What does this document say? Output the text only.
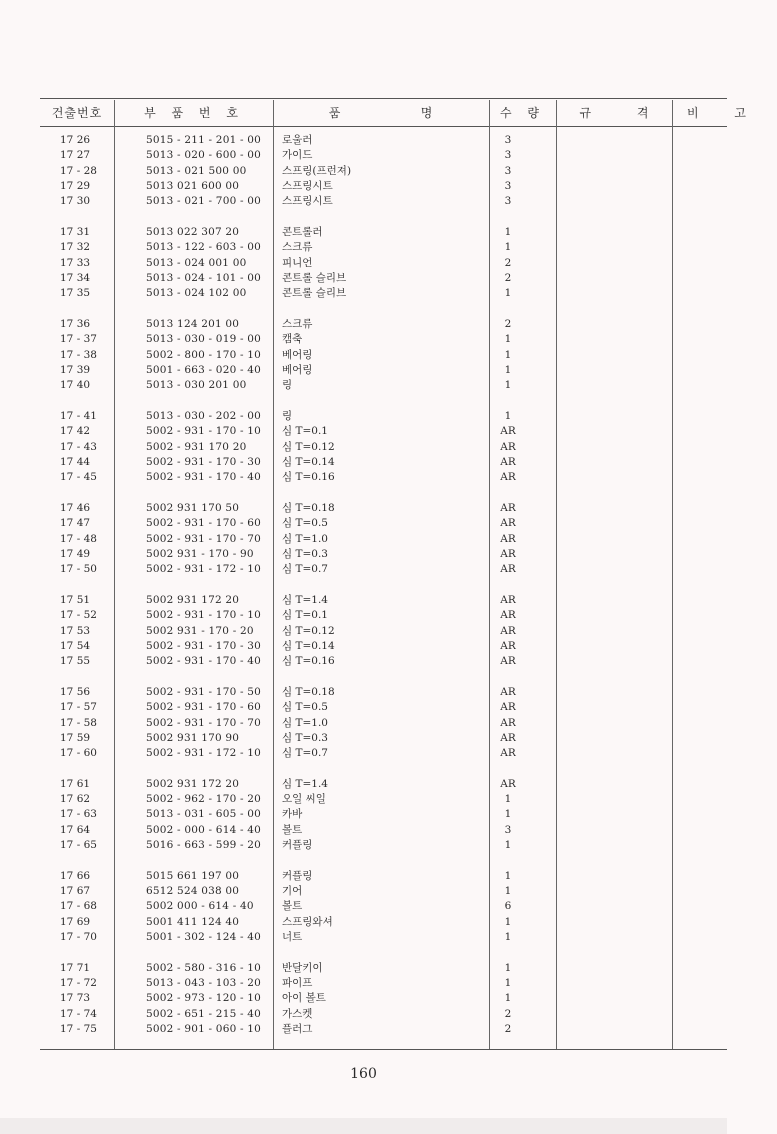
건출번호	부 품 번 호	품	명	수 량	규 격	비 고
17 26	5015 - 211 - 201 - 00 로울러	3
17 27	5013 - 020 - 600 - 00 가이드	3
17 - 28	5013 - 021 500 00	스프링(프런져)	3
17 29	5013 021 600 00	스프링시트	3
17 30	5013 - 021 - 700 - 00 스프링시트	3
17 31	5013 022 307 20	콘트롤러	1
17 32	5013 - 122 - 603 - 00 스크류	1
17 33	5013 - 024 001 00	피니언	2
17 34	5013 - 024 - 101 - 00 콘트롤 슬리브	2
17 35	5013 - 024 102 00	콘트롤 슬리브	1
17 36	5013 124 201 00	스크류	2
17 - 37	5013 - 030 - 019 - 00 캠축	1
17 - 38	5002 - 800 - 170 - 10 베어링	1
17 39	5001 - 663 - 020 - 40 베어링	1
17 40	5013 - 030 201 00	링	1
17 - 41	5013 - 030 - 202 - 00 링	1
17 42	5002 - 931 - 170 - 10 심 T=0.1	AR
17 - 43	5002 - 931 170 20	심 T=0.12	AR
17 44	5002 - 931 - 170 - 30 심 T=0.14	AR
17 - 45	5002 - 931 - 170 - 40 심 T=0.16	AR
17 46	5002 931 170 50	심 T=0.18	AR
17 47	5002 - 931 - 170 - 60 심 T=0.5	AR
17 - 48	5002 - 931 - 170 - 70 심 T=1.0	AR
17 49	5002 931 - 170 - 90	심 T=0.3	AR
17 - 50	5002 - 931 - 172 - 10 심 T=0.7	AR
17 51	5002 931 172 20	심 T=1.4	AR
17 - 52	5002 - 931 - 170 - 10 심 T=0.1	AR
17 53	5002 931 - 170 - 20	심 T=0.12	AR
17 54	5002 - 931 - 170 - 30 심 T=0.14	AR
17 55	5002 - 931 - 170 - 40 심 T=0.16	AR
17 56	5002 - 931 - 170 - 50 심 T=0.18	AR
17 - 57	5002 - 931 - 170 - 60 심 T=0.5	AR
17 - 58	5002 - 931 - 170 - 70 심 T=1.0	AR
17 59	5002 931 170 90	심 T=0.3	AR
17 - 60	5002 - 931 - 172 - 10 심 T=0.7	AR
17 61	5002 931 172 20	심 T=1.4	AR
17 62	5002 - 962 - 170 - 20 오일 씨일	1
17 - 63	5013 - 031 - 605 - 00 카바	1
17 64	5002 - 000 - 614 - 40 볼트	3
17 - 65	5016 - 663 - 599 - 20 커플링	1
17 66	5015 661 197 00	커플링	1
17 67	6512 524 038 00	기어	1
17 - 68	5002 000 - 614 - 40	볼트	6
17 69	5001 411 124 40	스프링와셔	1
17 - 70	5001 - 302 - 124 - 40 너트	1
17 71	5002 - 580 - 316 - 10 반달키이	1
17 - 72	5013 - 043 - 103 - 20 파이프	1
17 73	5002 - 973 - 120 - 10 아이 볼트	1
17 - 74	5002 - 651 - 215 - 40 가스켓	2
17 - 75	5002 - 901 - 060 - 10 플러그	2
160
